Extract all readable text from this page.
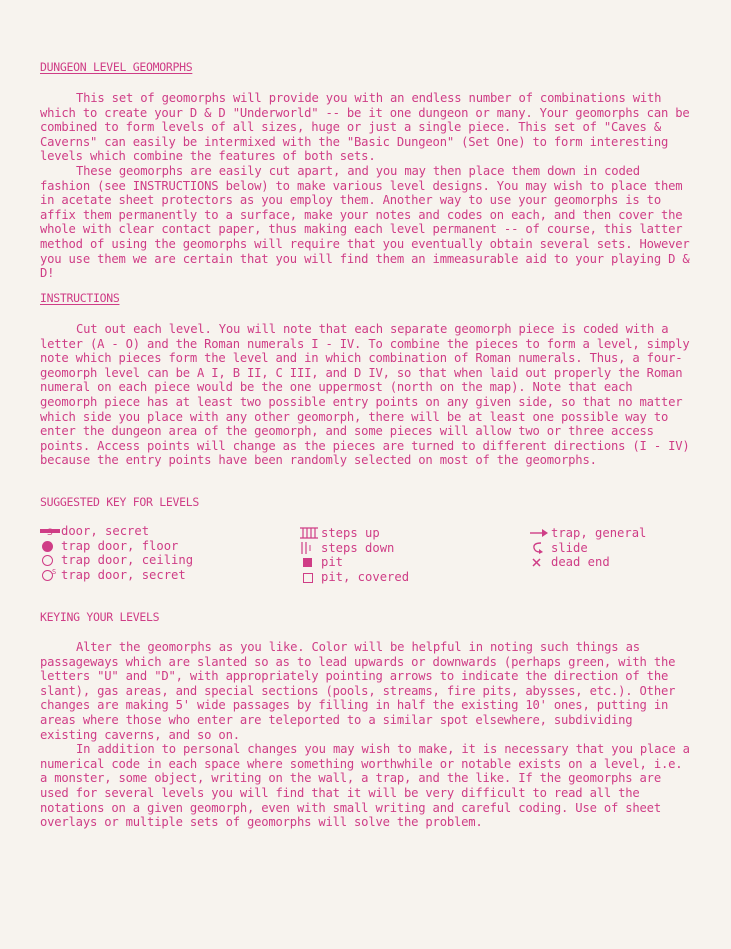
DUNGEON LEVEL GEOMORPHS

This set of geomorphs will provide you with an endless number of combinations with which to create your D & D "Underworld" -- be it one dungeon or many. Your geomorphs can be combined to form levels of all sizes, huge or just a single piece. This set of "Caves & Caverns" can easily be intermixed with the "Basic Dungeon" (Set One) to form interesting levels which combine the features of both sets.

These geomorphs are easily cut apart, and you may then place them down in coded fashion (see INSTRUCTIONS below) to make various level designs. You may wish to place them in acetate sheet protectors as you employ them. Another way to use your geomorphs is to affix them permanently to a surface, make your notes and codes on each, and then cover the whole with clear contact paper, thus making each level permanent -- of course, this latter method of using the geomorphs will require that you eventually obtain several sets. However you use them we are certain that you will find them an immeasurable aid to your playing D & D!

INSTRUCTIONS

Cut out each level. You will note that each separate geomorph piece is coded with a letter (A - O) and the Roman numerals I - IV. To combine the pieces to form a level, simply note which pieces form the level and in which combination of Roman numerals. Thus, a four-geomorph level can be A I, B II, C III, and D IV, so that when laid out properly the Roman numeral on each piece would be the one uppermost (north on the map). Note that each geomorph piece has at least two possible entry points on any given side, so that no matter which side you place with any other geomorph, there will be at least one possible way to enter the dungeon area of the geomorph, and some pieces will allow two or three access points. Access points will change as the pieces are turned to different directions (I - IV) because the entry points have been randomly selected on most of the geomorphs.

SUGGESTED KEY FOR LEVELS
S door, secret
trap door, floor
trap door, ceiling
S trap door, secret
steps up
steps down
pit
pit, covered
trap, general
slide
dead end
KEYING YOUR LEVELS

Alter the geomorphs as you like. Color will be helpful in noting such things as passageways which are slanted so as to lead upwards or downwards (perhaps green, with the letters "U" and "D", with appropriately pointing arrows to indicate the direction of the slant), gas areas, and special sections (pools, streams, fire pits, abysses, etc.). Other changes are making 5' wide passages by filling in half the existing 10' ones, putting in areas where those who enter are teleported to a similar spot elsewhere, subdividing existing caverns, and so on.

In addition to personal changes you may wish to make, it is necessary that you place a numerical code in each space where something worthwhile or notable exists on a level, i.e. a monster, some object, writing on the wall, a trap, and the like. If the geomorphs are used for several levels you will find that it will be very difficult to read all the notations on a given geomorph, even with small writing and careful coding. Use of sheet overlays or multiple sets of geomorphs will solve the problem.
